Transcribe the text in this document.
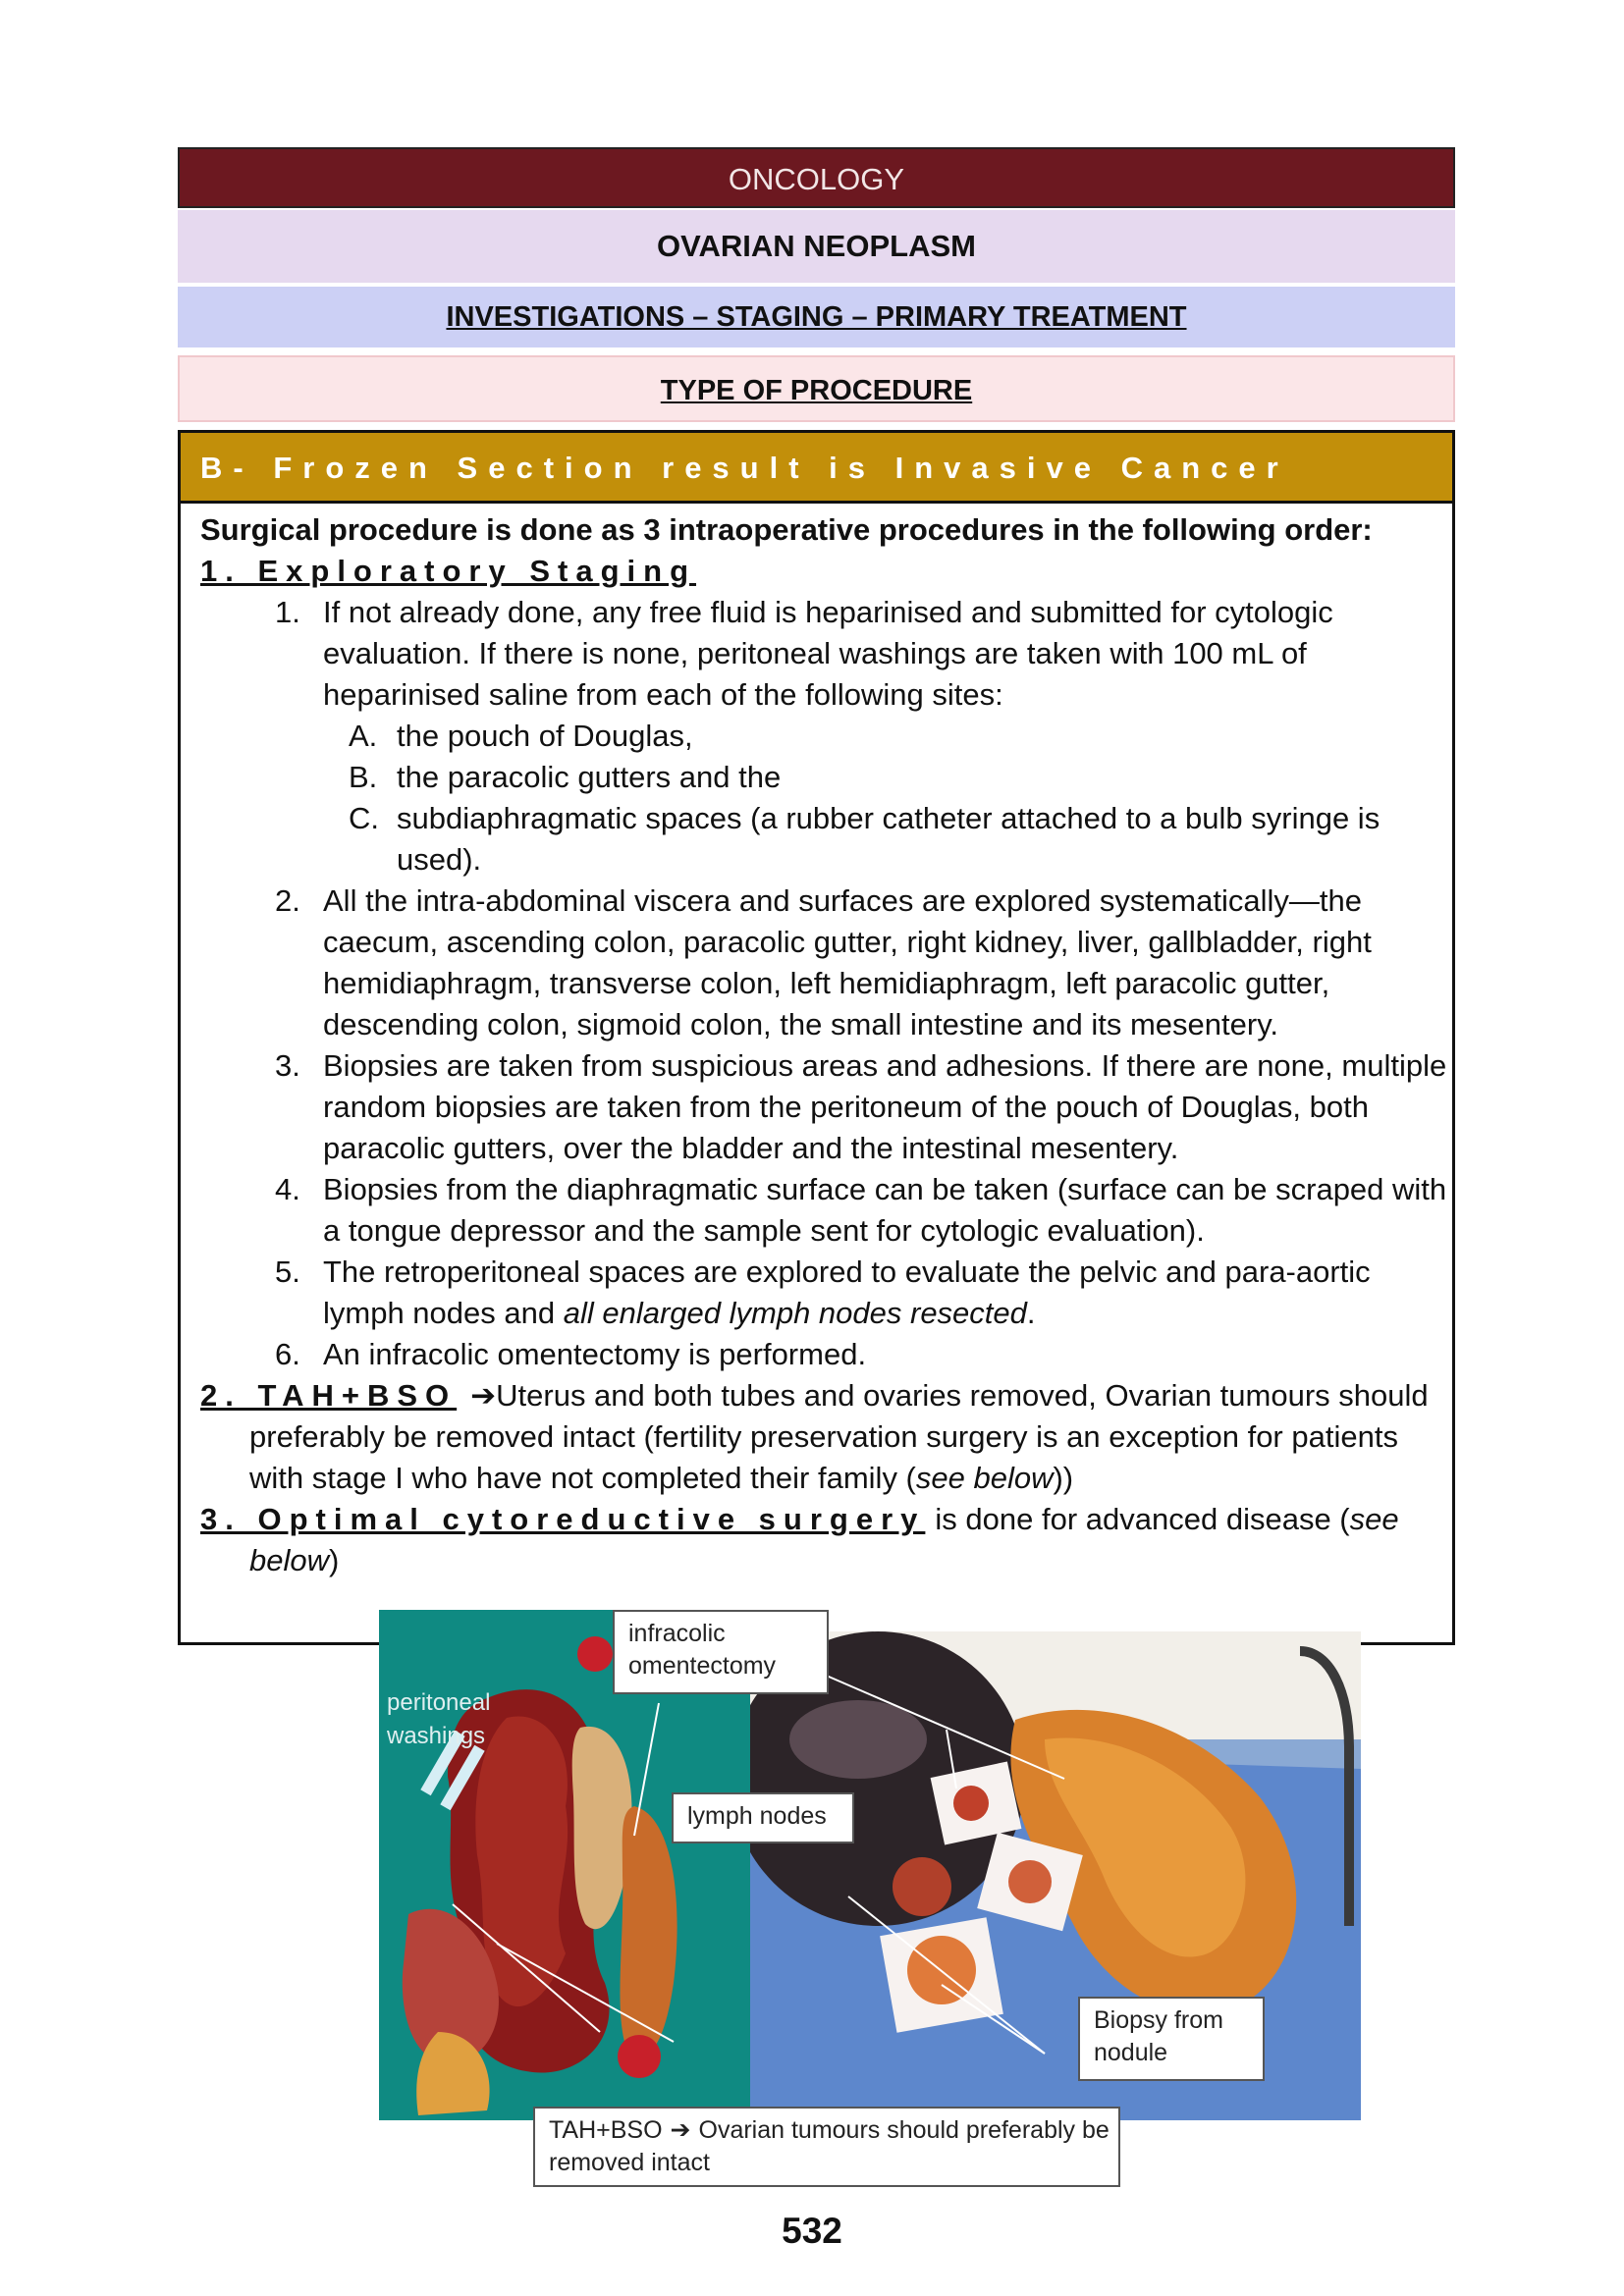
ONCOLOGY
OVARIAN NEOPLASM
INVESTIGATIONS – STAGING – PRIMARY TREATMENT
TYPE OF PROCEDURE
B- Frozen Section result is Invasive Cancer
Surgical procedure is done as 3 intraoperative procedures in the following order:
1. Exploratory Staging
1. If not already done, any free fluid is heparinised and submitted for cytologic
evaluation. If there is none, peritoneal washings are taken with 100 mL of
heparinised saline from each of the following sites:
A. the pouch of Douglas,
B. the paracolic gutters and the
C. subdiaphragmatic spaces (a rubber catheter attached to a bulb syringe is
used).
2. All the intra-abdominal viscera and surfaces are explored systematically—the
caecum, ascending colon, paracolic gutter, right kidney, liver, gallbladder, right
hemidiaphragm, transverse colon, left hemidiaphragm, left paracolic gutter,
descending colon, sigmoid colon, the small intestine and its mesentery.
3. Biopsies are taken from suspicious areas and adhesions. If there are none, multiple
random biopsies are taken from the peritoneum of the pouch of Douglas, both
paracolic gutters, over the bladder and the intestinal mesentery.
4. Biopsies from the diaphragmatic surface can be taken (surface can be scraped with
a tongue depressor and the sample sent for cytologic evaluation).
5. The retroperitoneal spaces are explored to evaluate the pelvic and para-aortic
lymph nodes and all enlarged lymph nodes resected.
6. An infracolic omentectomy is performed.
2. TAH+BSO ➔Uterus and both tubes and ovaries removed, Ovarian tumours should
preferably be removed intact (fertility preservation surgery is an exception for patients
with stage I who have not completed their family (see below))
3. Optimal cytoreductive surgery is done for advanced disease (see
below)
peritoneal
washings
infracolic
omentectomy
lymph nodes
Biopsy from
nodule
TAH+BSO ➔ Ovarian tumours should preferably be
removed intact
532
